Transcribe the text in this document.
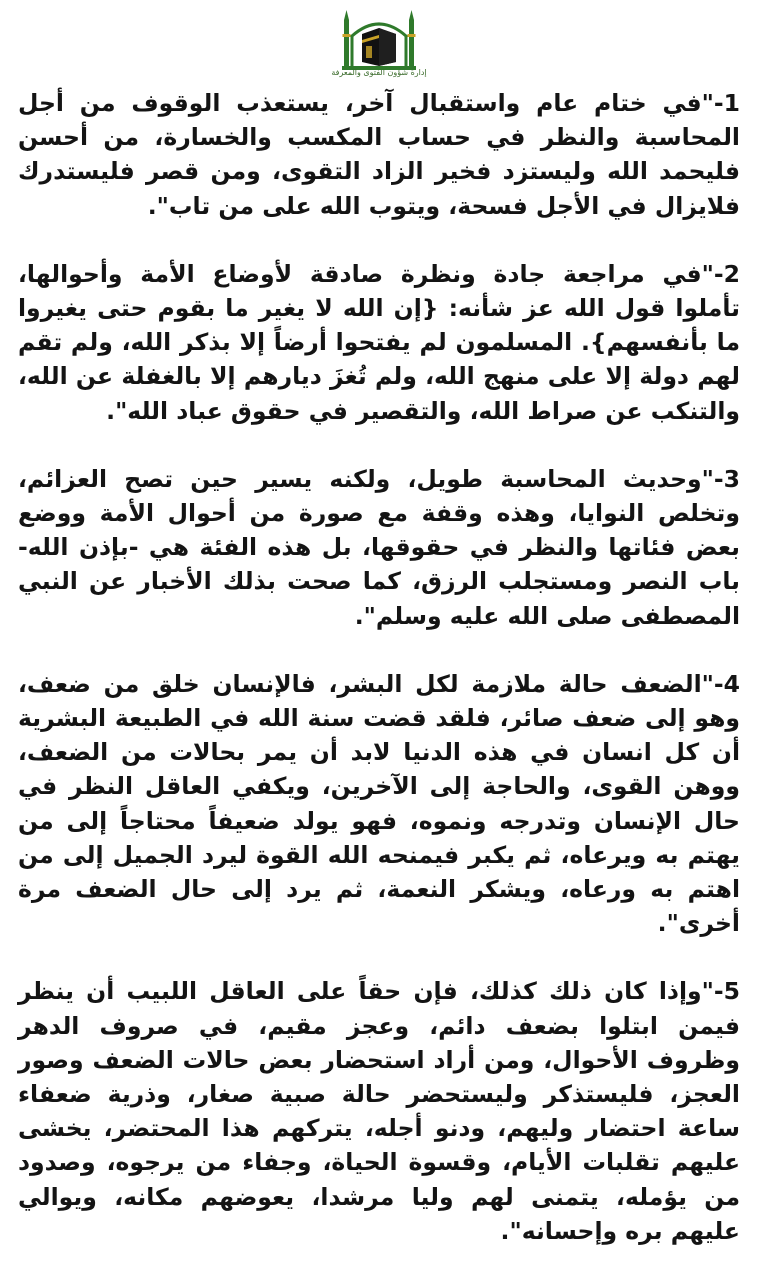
إدارة شؤون الفتوى والمعرفة

1-"في ختام عام واستقبال آخر، يستعذب الوقوف من أجل المحاسبة والنظر في حساب المكسب والخسارة، من أحسن فليحمد الله وليستزد فخير الزاد التقوى، ومن قصر فليستدرك فلايزال في الأجل فسحة، ويتوب الله على من تاب".

2-"في مراجعة جادة ونظرة صادقة لأوضاع الأمة وأحوالها، تأملوا قول الله عز شأنه: {إن الله لا يغير ما بقوم حتى يغيروا ما بأنفسهم}. المسلمون لم يفتحوا أرضاً إلا بذكر الله، ولم تقم لهم دولة إلا على منهج الله، ولم تُغزَ ديارهم إلا بالغفلة عن الله، والتنكب عن صراط الله، والتقصير في حقوق عباد الله".

3-"وحديث المحاسبة طويل، ولكنه يسير حين تصح العزائم، وتخلص النوايا، وهذه وقفة مع صورة من أحوال الأمة ووضع بعض فئاتها والنظر في حقوقها، بل هذه الفئة هي -بإذن الله- باب النصر ومستجلب الرزق، كما صحت بذلك الأخبار عن النبي المصطفى صلى الله عليه وسلم".

4-"الضعف حالة ملازمة لكل البشر، فالإنسان خلق من ضعف، وهو إلى ضعف صائر، فلقد قضت سنة الله في الطبيعة البشرية أن كل انسان في هذه الدنيا لابد أن يمر بحالات من الضعف، ووهن القوى، والحاجة إلى الآخرين، ويكفي العاقل النظر في حال الإنسان وتدرجه ونموه، فهو يولد ضعيفاً محتاجاً إلى من يهتم به ويرعاه، ثم يكبر فيمنحه الله القوة ليرد الجميل إلى من اهتم به ورعاه، ويشكر النعمة، ثم يرد إلى حال الضعف مرة أخرى".

5-"وإذا كان ذلك كذلك، فإن حقاً على العاقل اللبيب أن ينظر فيمن ابتلوا بضعف دائم، وعجز مقيم، في صروف الدهر وظروف الأحوال، ومن أراد استحضار بعض حالات الضعف وصور العجز، فليستذكر وليستحضر حالة صبية صغار، وذرية ضعفاء ساعة احتضار وليهم، ودنو أجله، يتركهم هذا المحتضر، يخشى عليهم تقلبات الأيام، وقسوة الحياة، وجفاء من يرجوه، وصدود من يؤمله، يتمنى لهم وليا مرشدا، يعوضهم مكانه، ويوالي عليهم بره وإحسانه".
